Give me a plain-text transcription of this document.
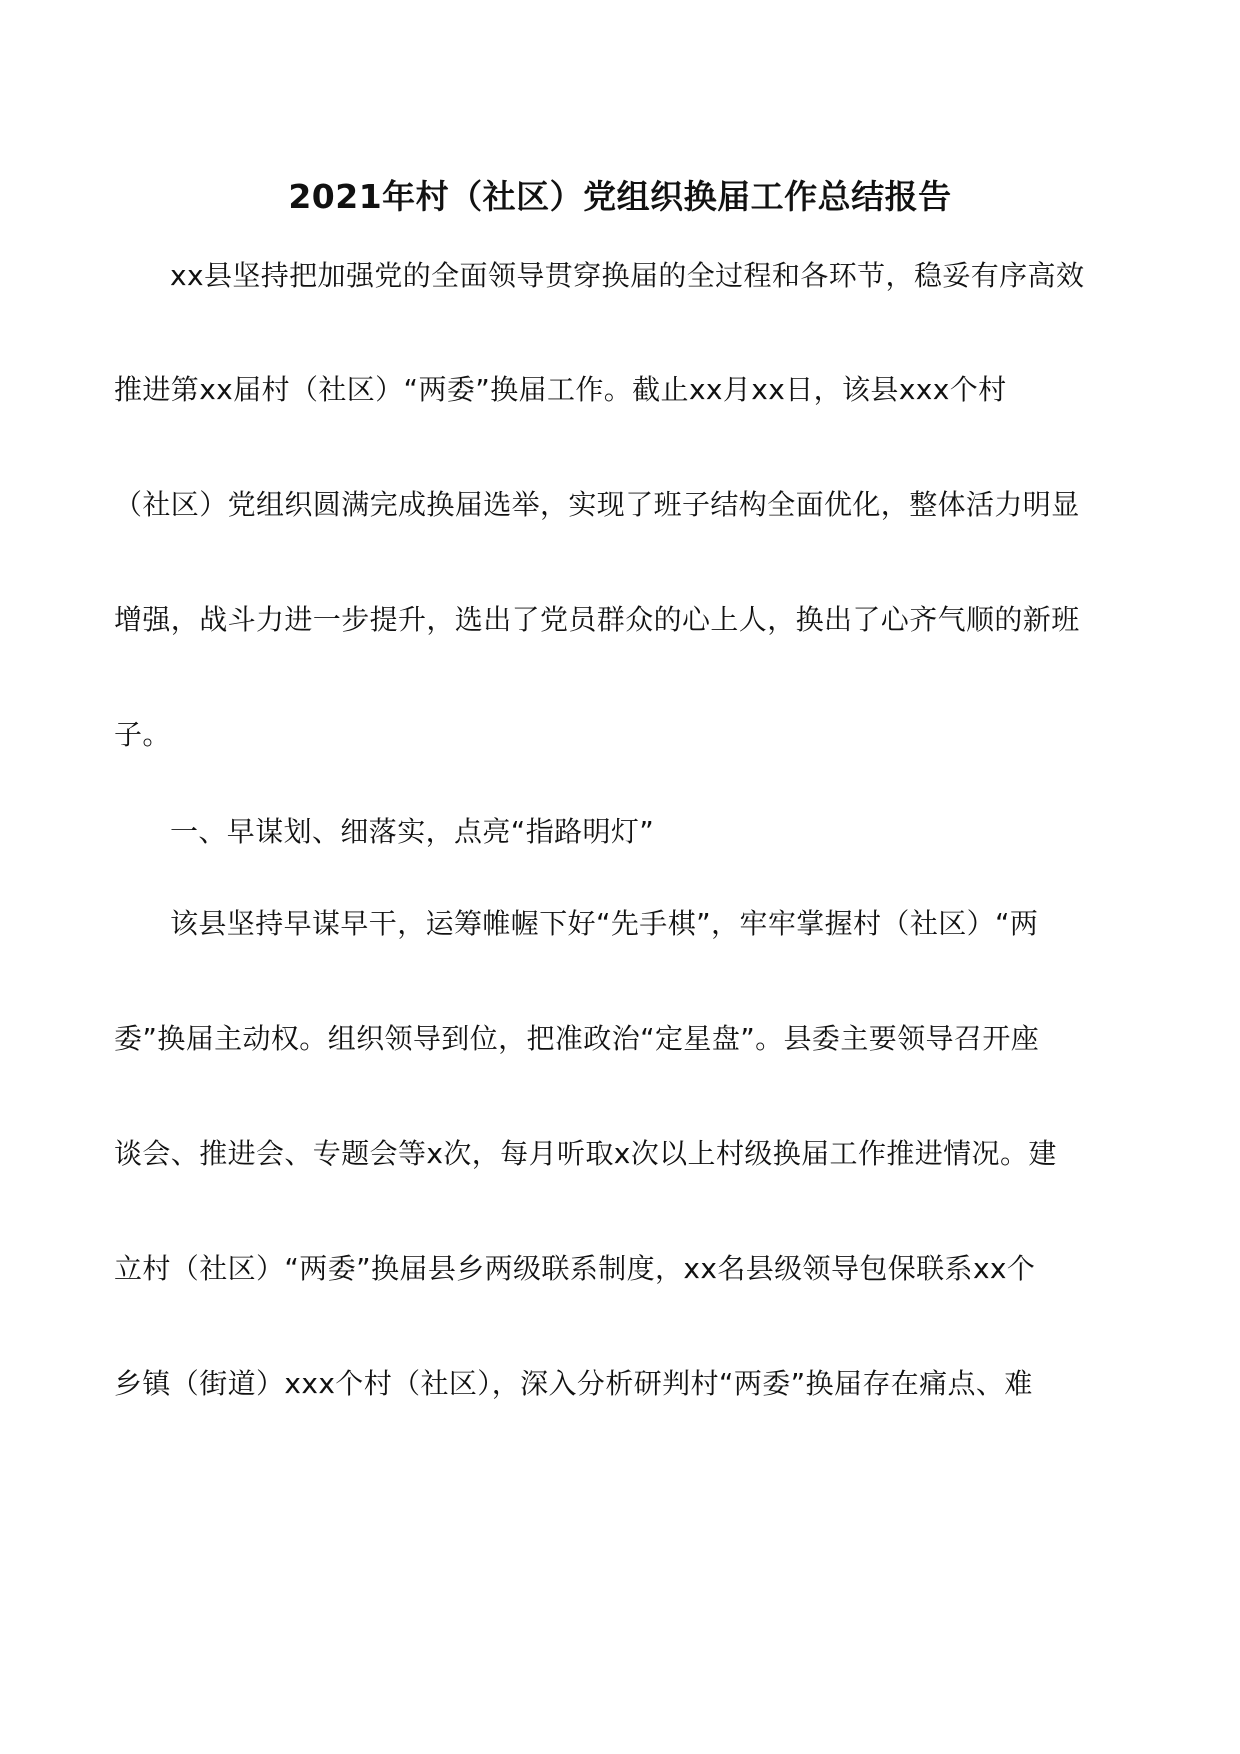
2021年村（社区）党组织换届工作总结报告
xx县坚持把加强党的全面领导贯穿换届的全过程和各环节，稳妥有序高效
推进第xx届村（社区）“两委”换届工作。截止xx月xx日，该县xxx个村
（社区）党组织圆满完成换届选举，实现了班子结构全面优化，整体活力明显
增强，战斗力进一步提升，选出了党员群众的心上人，换出了心齐气顺的新班
子。
一、早谋划、细落实，点亮“指路明灯”
该县坚持早谋早干，运筹帷幄下好“先手棋”，牢牢掌握村（社区）“两
委”换届主动权。组织领导到位，把准政治“定星盘”。县委主要领导召开座
谈会、推进会、专题会等x次，每月听取x次以上村级换届工作推进情况。建
立村（社区）“两委”换届县乡两级联系制度，xx名县级领导包保联系xx个
乡镇（街道）xxx个村（社区），深入分析研判村“两委”换届存在痛点、难
